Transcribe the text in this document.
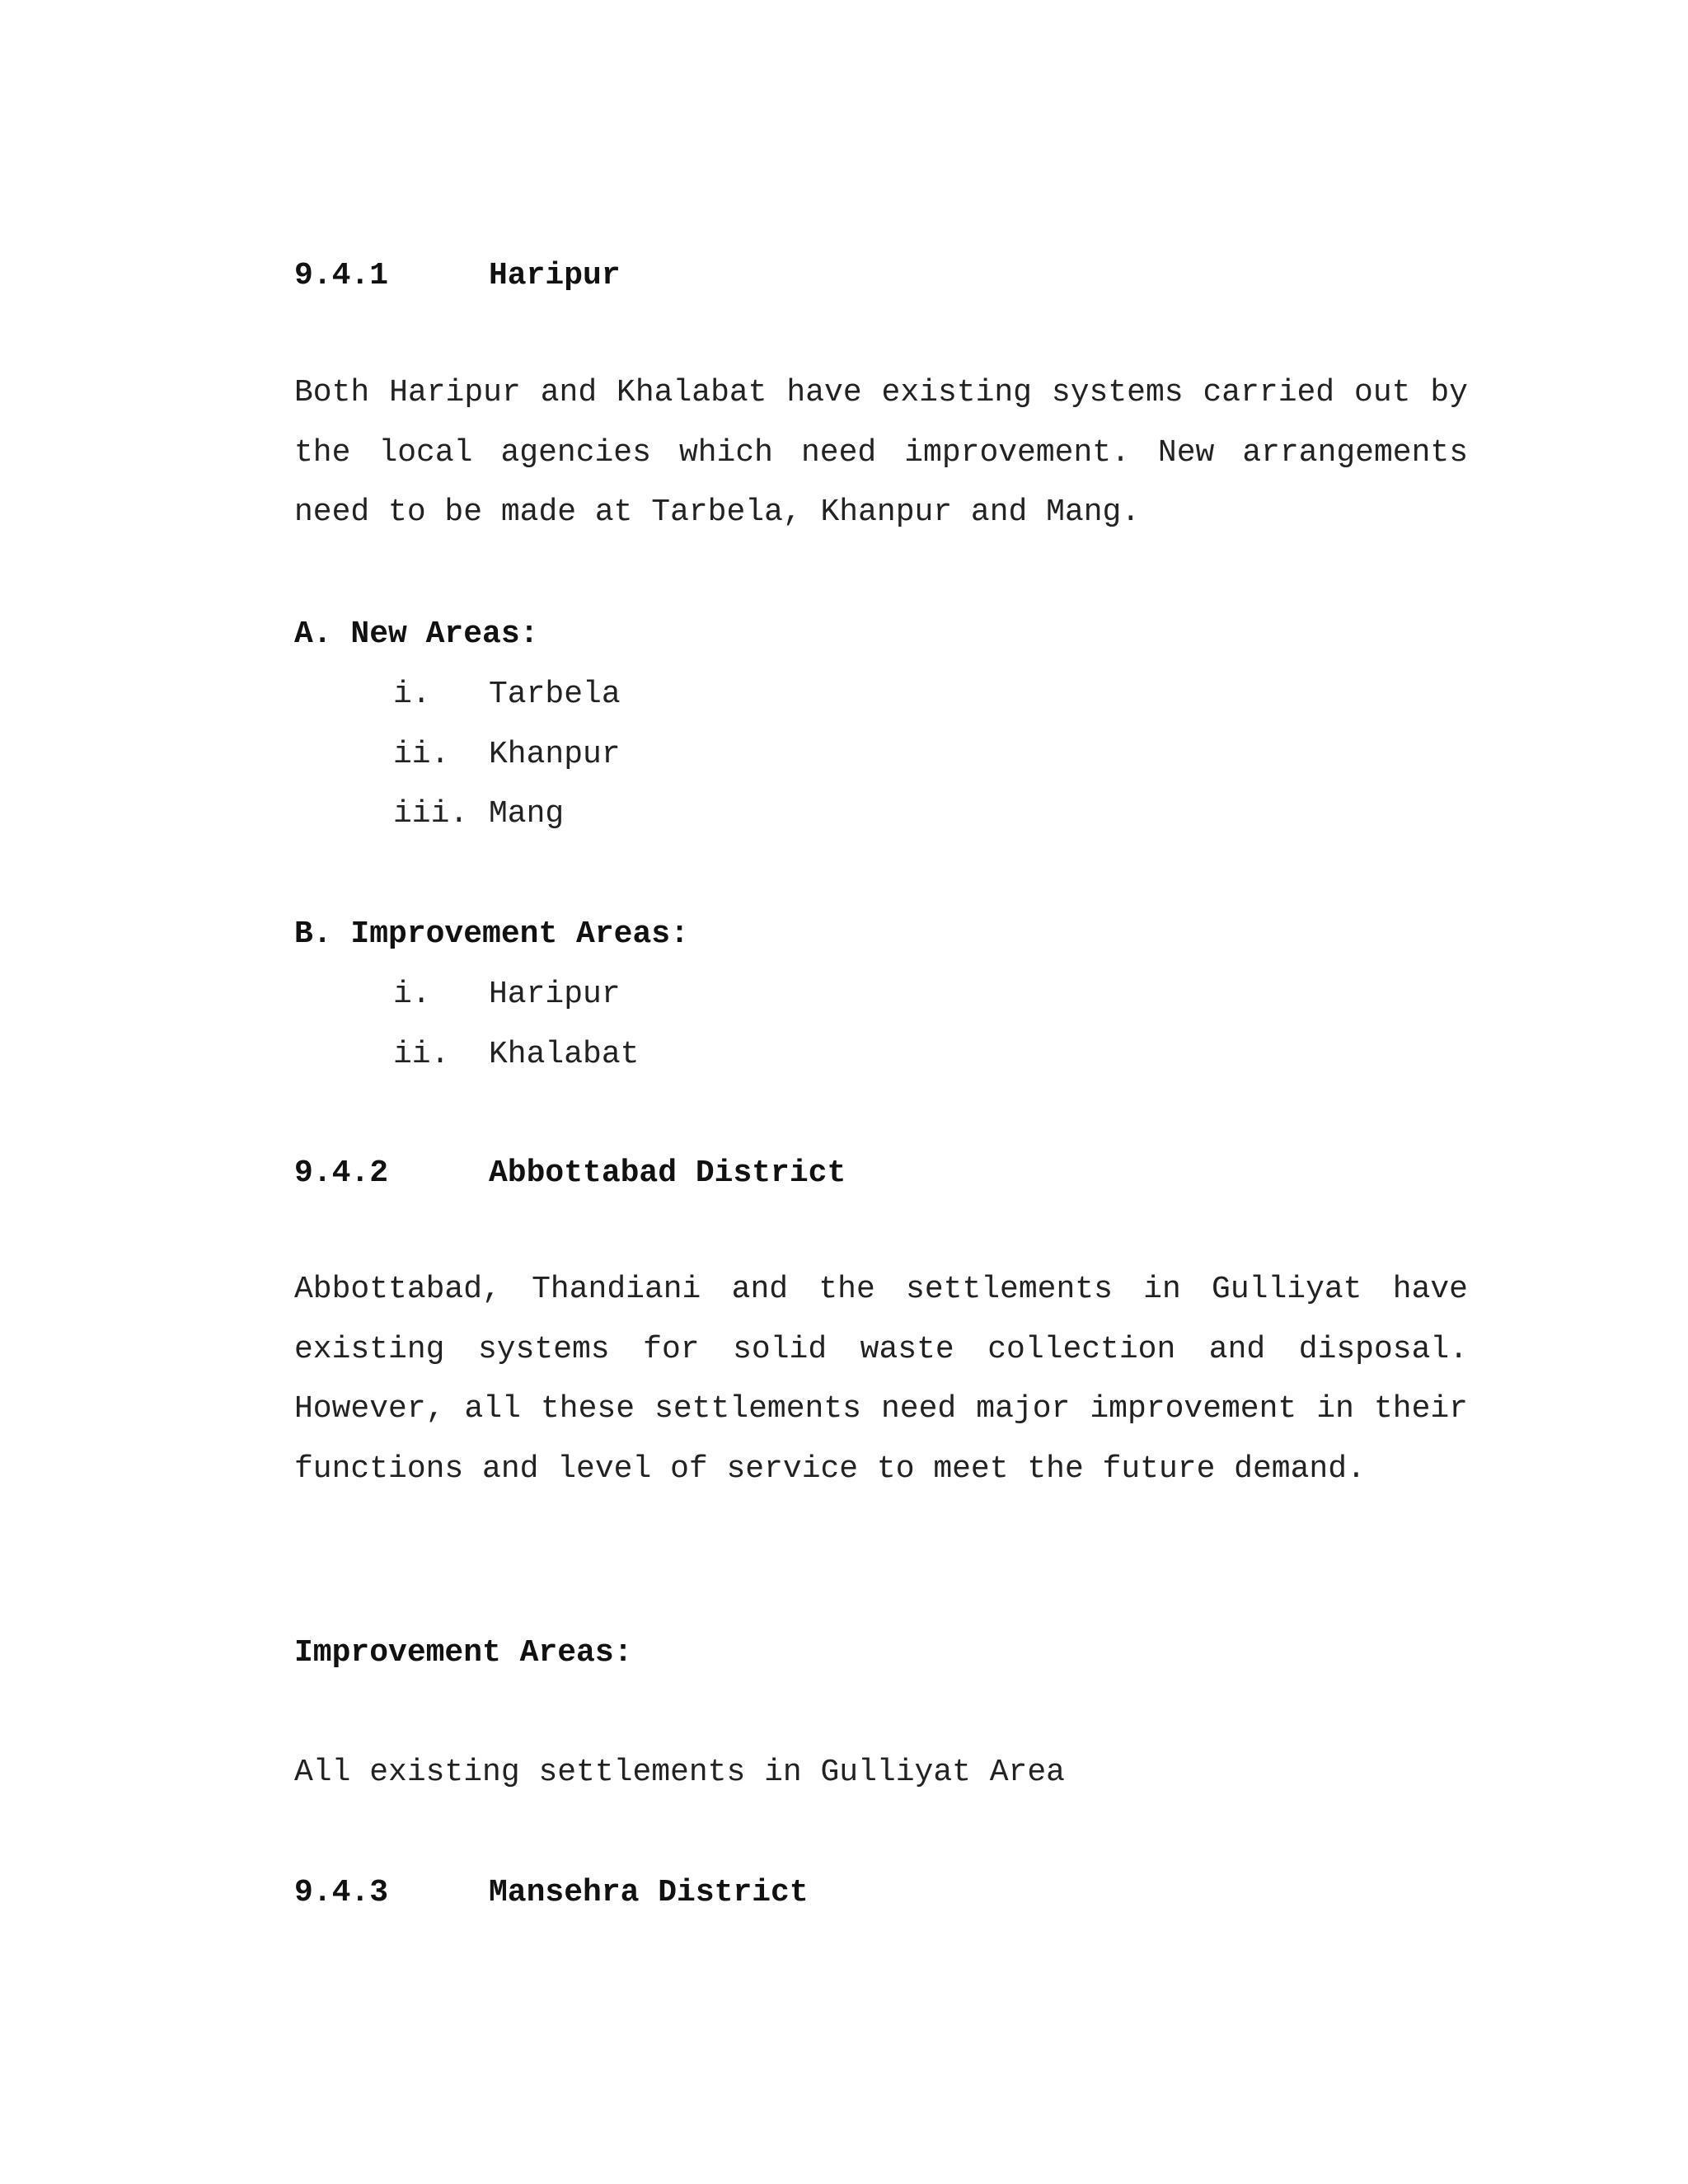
9.4.1	Haripur

Both Haripur and Khalabat have existing systems carried out by the local agencies which need improvement. New arrangements need to be made at Tarbela, Khanpur and Mang.

A. New Areas:
i. Tarbela
ii. Khanpur
iii. Mang
B. Improvement Areas:
i. Haripur
ii. Khalabat
9.4.2	Abbottabad District

Abbottabad, Thandiani and the settlements in Gulliyat have existing systems for solid waste collection and disposal. However, all these settlements need major improvement in their functions and level of service to meet the future demand.

Improvement Areas:
All existing settlements in Gulliyat Area
9.4.3	Mansehra District
